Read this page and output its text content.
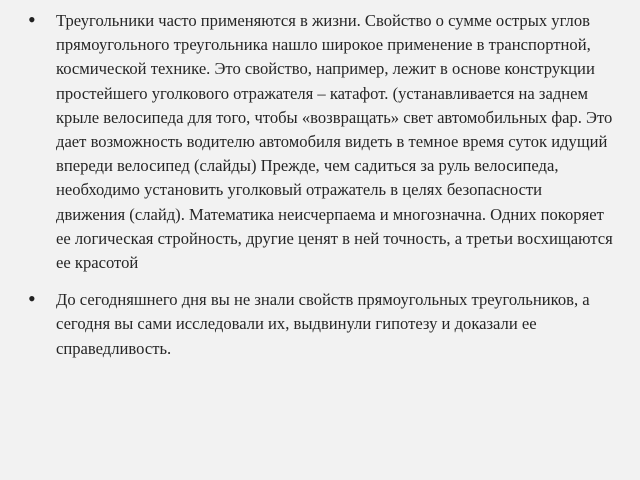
•	Треугольники часто применяются в жизни. Свойство о сумме острых углов прямоугольного треугольника нашло широкое применение в транспортной, космической технике. Это свойство, например, лежит в основе конструкции простейшего уголкового отражателя – катафот. (устанавливается на заднем крыле велосипеда для того, чтобы «возвращать» свет автомобильных фар. Это дает возможность водителю автомобиля видеть в темное время суток идущий впереди велосипед (слайды) Прежде, чем садиться за руль велосипеда, необходимо установить уголковый отражатель в целях безопасности движения (слайд). Математика неисчерпаема и многозначна. Одних покоряет ее логическая стройность, другие ценят в ней точность, а третьи восхищаются ее красотой
•	До сегодняшнего дня вы не знали свойств прямоугольных треугольников, а сегодня вы сами исследовали их, выдвинули гипотезу и доказали ее справедливость.
